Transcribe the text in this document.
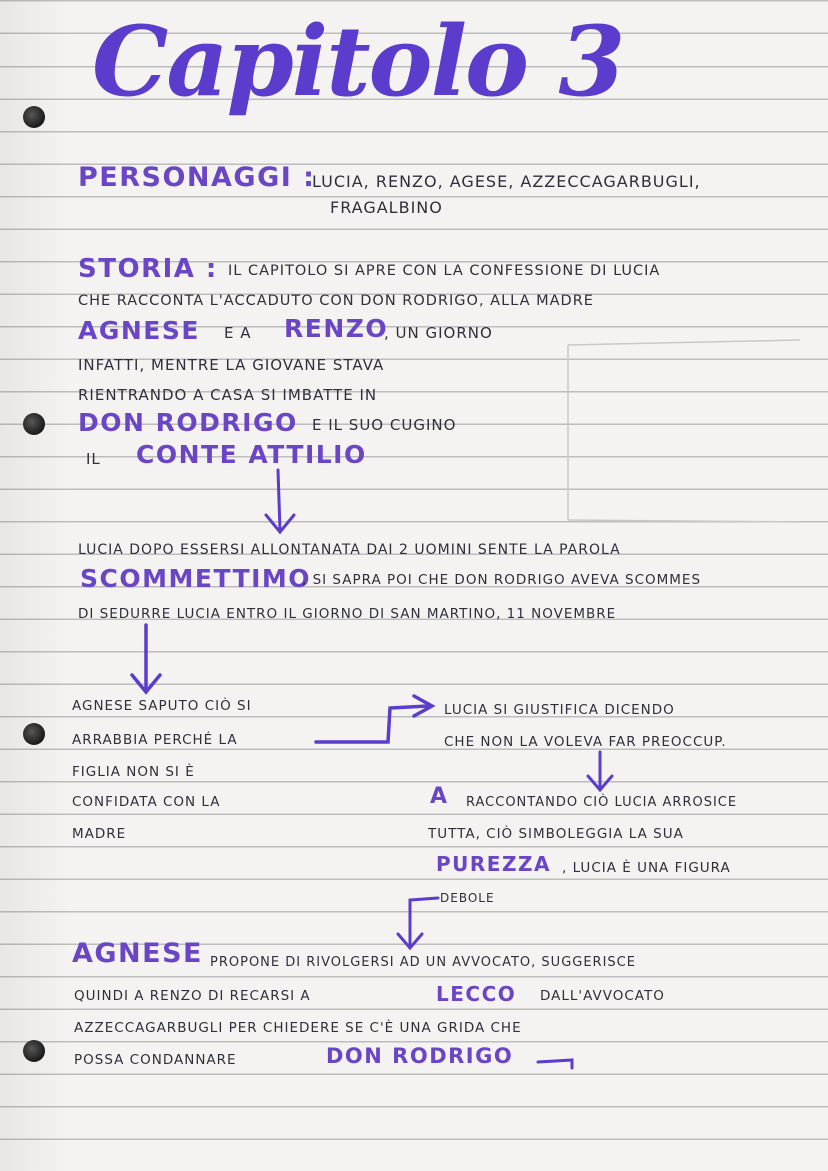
Capitolo 3
PERSONAGGI :
LUCIA, RENZO, AGESE, AZZECCAGARBUGLI,
FRAGALBINO
STORIA : IL CAPITOLO SI APRE CON LA CONFESSIONE DI LUCIA
CHE RACCONTA L'ACCADUTO CON DON RODRIGO, ALLA MADRE
AGNESE E A RENZO
, UN GIORNO
INFATTI, MENTRE LA GIOVANE STAVA
RIENTRANDO A CASA SI IMBATTE IN
DON RODRIGO E IL SUO CUGINO
IL CONTE ATTILIO
LUCIA DOPO ESSERSI ALLONTANATA DAI 2 UOMINI SENTE LA PAROLA
SCOMMETTIMO
, SI SAPRA POI CHE DON RODRIGO AVEVA SCOMMES
DI SEDURRE LUCIA ENTRO IL GIORNO DI SAN MARTINO, 11 NOVEMBRE
AGNESE SAPUTO CIÒ SI
ARRABBIA PERCHÉ LA
FIGLIA NON SI È
CONFIDATA CON LA
MADRE
LUCIA SI GIUSTIFICA DICENDO
CHE NON LA VOLEVA FAR PREOCCUP.
A RACCONTANDO CIÒ LUCIA ARROSICE
TUTTA, CIÒ SIMBOLEGGIA LA SUA
PUREZZA , LUCIA È UNA FIGURA
DEBOLE
AGNESE PROPONE DI RIVOLGERSI AD UN AVVOCATO, SUGGERISCE
QUINDI A RENZO DI RECARSI A	LECCO DALL'AVVOCATO
AZZECCAGARBUGLI PER CHIEDERE SE C'È UNA GRIDA CHE
POSSA CONDANNARE	DON RODRIGO
